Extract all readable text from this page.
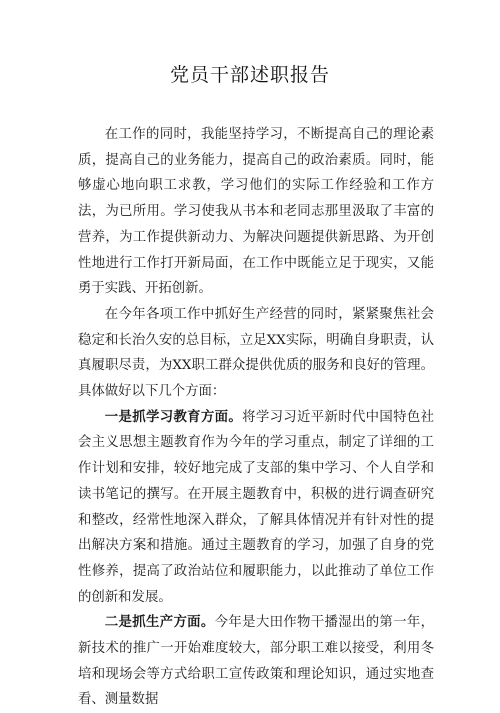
党员干部述职报告

在工作的同时，我能坚持学习，不断提高自己的理论素质，提高自己的业务能力，提高自己的政治素质。同时，能够虚心地向职工求教，学习他们的实际工作经验和工作方法，为已所用。学习使我从书本和老同志那里汲取了丰富的营养，为工作提供新动力、为解决问题提供新思路、为开创性地进行工作打开新局面，在工作中既能立足于现实，又能勇于实践、开拓创新。

在今年各项工作中抓好生产经营的同时，紧紧聚焦社会稳定和长治久安的总目标，立足XX实际，明确自身职责，认真履职尽责，为XX职工群众提供优质的服务和良好的管理。具体做好以下几个方面：

一是抓学习教育方面。将学习习近平新时代中国特色社会主义思想主题教育作为今年的学习重点，制定了详细的工作计划和安排，较好地完成了支部的集中学习、个人自学和读书笔记的撰写。在开展主题教育中，积极的进行调查研究和整改，经常性地深入群众，了解具体情况并有针对性的提出解决方案和措施。通过主题教育的学习，加强了自身的党性修养，提高了政治站位和履职能力，以此推动了单位工作的创新和发展。

二是抓生产方面。今年是大田作物干播湿出的第一年，新技术的推广一开始难度较大，部分职工难以接受，利用冬培和现场会等方式给职工宣传政策和理论知识，通过实地查看、测量数据
